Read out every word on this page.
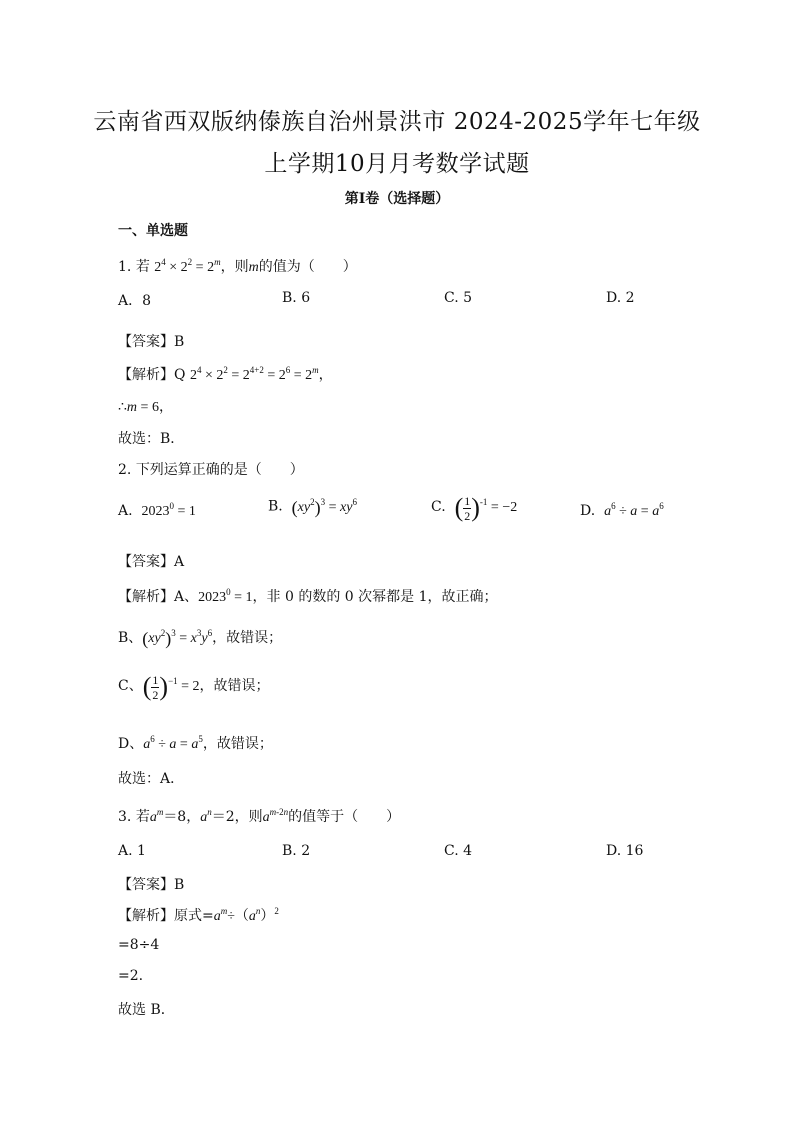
云南省西双版纳傣族自治州景洪市 2024-2025学年七年级
上学期10月月考数学试题
第I卷（选择题）
一、单选题
1. 若 $2^4 \times 2^2 = 2^m$，则m的值为（　　）
A．8	B. 6	C. 5	D. 2
【答案】B
【解析】Q $2^4 \times 2^2 = 2^{4+2} = 2^6 = 2^m$，
∴m = 6，
故选：B．
2. 下列运算正确的是（　　）
A.  $2023^0 = 1$	B.  $(xy^2)^3 = xy^6$	C.  ( $\frac{1}{2} )^{-1} = -2$	D.  $a^6 \div a = a^6$
【答案】A
【解析】A、$2023^0 = 1$，非 0 的数的 0 次幂都是 1，故正确；
B、$(xy^2)^3 = x^3y^6$，故错误；
C、( $\frac{1}{2} )^{-1} = 2$，故错误；
D、$a^6 \div a = a^5$，故错误；
故选：A．
3. 若$a^m=8$，$a^n=2$，则$a^{m-2n}$的值等于（　　）
A. 1	B. 2	C. 4	D. 16
【答案】B
【解析】原式$=a^m\div(a^n)^2$
=8÷4
=2.
故选 B．
